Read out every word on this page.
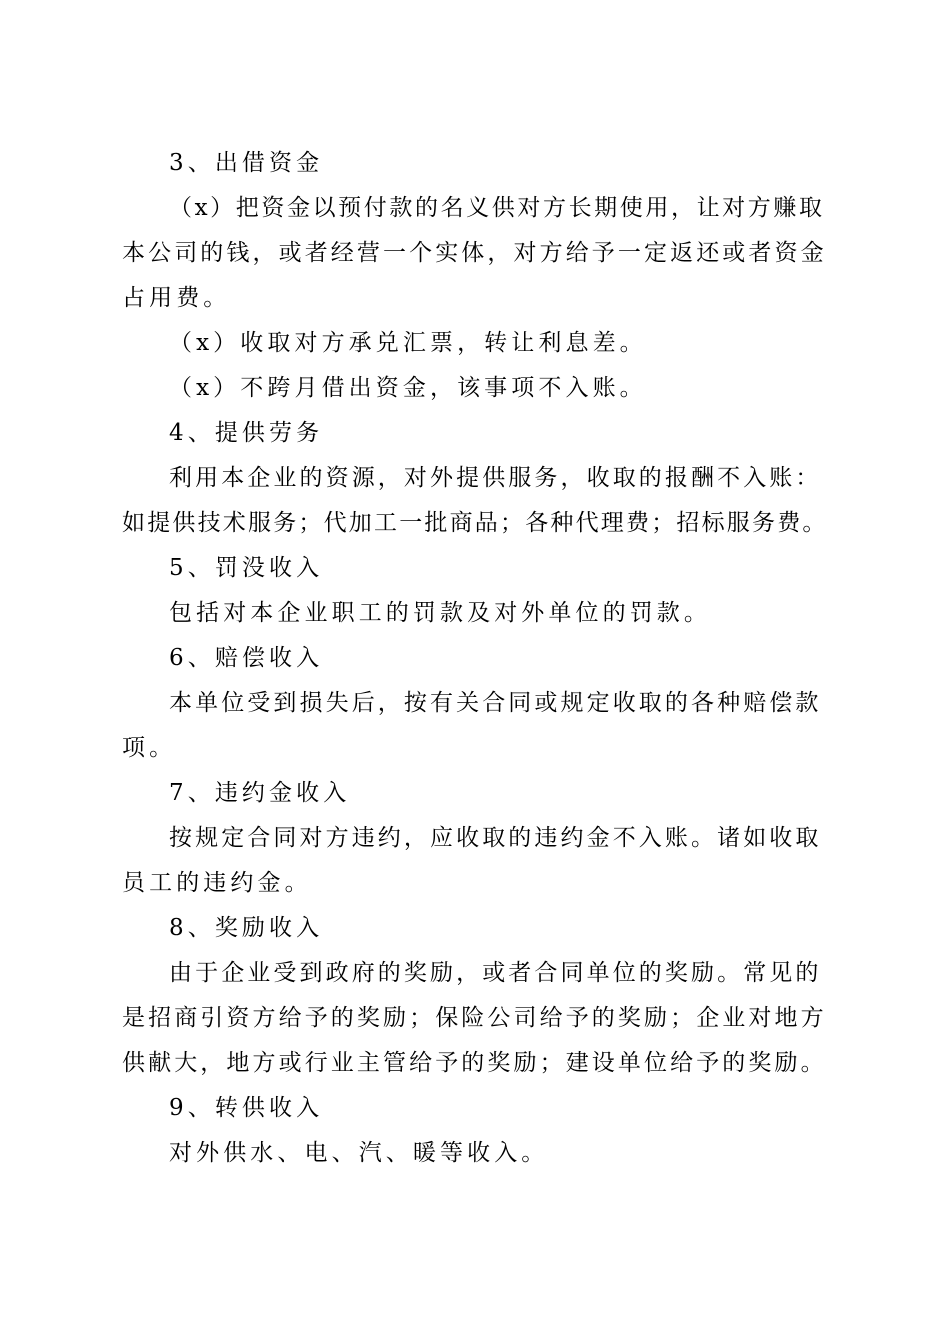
3、出借资金
（x）把资金以预付款的名义供对方长期使用，让对方赚取
本公司的钱，或者经营一个实体，对方给予一定返还或者资金
占用费。
（x）收取对方承兑汇票，转让利息差。
（x）不跨月借出资金，该事项不入账。
4、提供劳务
利用本企业的资源，对外提供服务，收取的报酬不入账：
如提供技术服务；代加工一批商品；各种代理费；招标服务费。
5、罚没收入
包括对本企业职工的罚款及对外单位的罚款。
6、赔偿收入
本单位受到损失后，按有关合同或规定收取的各种赔偿款
项。
7、违约金收入
按规定合同对方违约，应收取的违约金不入账。诸如收取
员工的违约金。
8、奖励收入
由于企业受到政府的奖励，或者合同单位的奖励。常见的
是招商引资方给予的奖励；保险公司给予的奖励；企业对地方
供献大，地方或行业主管给予的奖励；建设单位给予的奖励。
9、转供收入
对外供水、电、汽、暖等收入。
